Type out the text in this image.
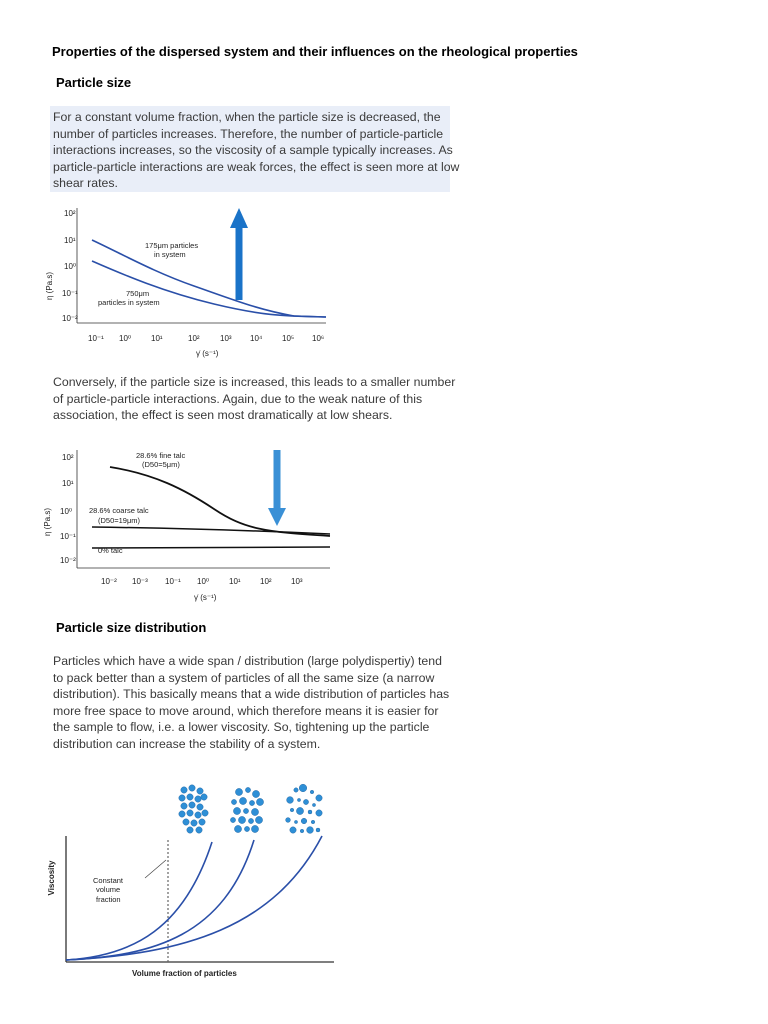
Properties of the dispersed system and their influences on the rheological properties
Particle size
For a constant volume fraction, when the particle size is decreased, the
number of particles increases. Therefore, the number of particle-particle
interactions increases, so the viscosity of a sample typically increases. As
particle-particle interactions are weak forces, the effect is seen more at low
shear rates.
η (Pa.s)
10²
10¹
10⁰
10⁻¹
10⁻²
10⁻¹ 10⁰ 10¹	10²	10³ 10⁴ 10⁵ 10⁶
γ̇ (s⁻¹)
175μm particles
in system
750μm
particles in system
Conversely, if the particle size is increased, this leads to a smaller number
of particle-particle interactions. Again, due to the weak nature of this
association, the effect is seen most dramatically at low shears.
η (Pa.s)
10²
10¹
10⁰
10⁻¹
10⁻²
10⁻² 10⁻³ 10⁻¹ 10⁰ 10¹ 10² 10³
γ̇ (s⁻¹)
28.6% fine talc
(D50=5μm)
28.6% coarse talc
(D50=19μm)
0% talc
Particle size distribution
Particles which have a wide span / distribution (large polydispertiy) tend
to pack better than a system of particles of all the same size (a narrow
distribution). This basically means that a wide distribution of particles has
more free space to move around, which therefore means it is easier for
the sample to flow, i.e. a lower viscosity. So, tightening up the particle
distribution can increase the stability of a system.
Viscosity
Volume fraction of particles
Constant
volume
fraction
